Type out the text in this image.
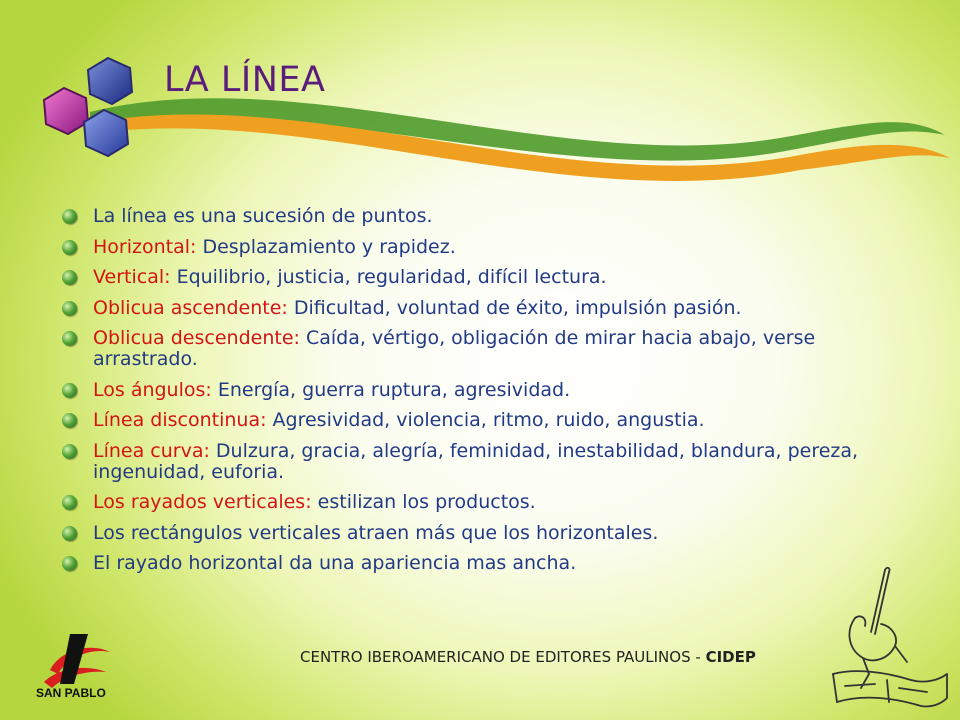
LA LÍNEA
La línea es una sucesión de puntos.
Horizontal: Desplazamiento y rapidez.
Vertical: Equilibrio, justicia, regularidad, difícil lectura.
Oblicua ascendente: Dificultad, voluntad de éxito, impulsión pasión.
Oblicua descendente: Caída, vértigo, obligación de mirar hacia abajo, verse arrastrado.
Los ángulos: Energía, guerra ruptura, agresividad.
Línea discontinua: Agresividad, violencia, ritmo, ruido, angustia.
Línea curva: Dulzura, gracia, alegría, feminidad, inestabilidad, blandura, pereza, ingenuidad, euforia.
Los rayados verticales: estilizan los productos.
Los rectángulos verticales atraen más que los horizontales.
El rayado horizontal da una apariencia mas ancha.
SAN PABLO
CENTRO IBEROAMERICANO DE EDITORES PAULINOS - CIDEP
